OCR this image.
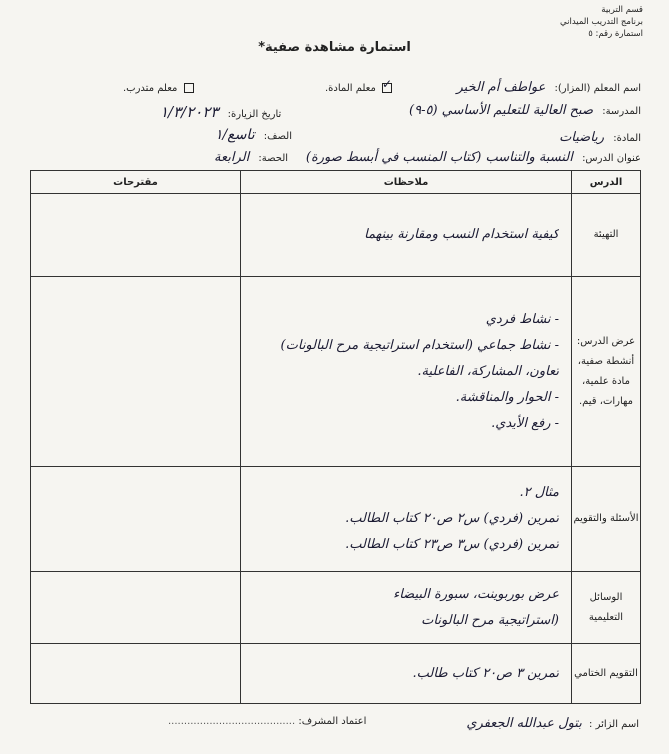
قسم التربية
برنامج التدريب الميداني
استمارة رقم: ٥
استمارة مشاهدة صفية*
اسم المعلم (المزار): عواطف أم الخير
✓ معلم المادة.
معلم متدرب.
المدرسة: صبح العالية للتعليم الأساسي (٥-٩)
تاريخ الزيارة: ١/٣/٢٠٢٣
المادة: رياضيات
الصف: تاسع/١
عنوان الدرس: النسبة والتناسب (كتاب المنسب في أبسط صورة)
الحصة: الرابعة
الدرس	ملاحظات	مقترحات
التهيئة	كيفية استخدام النسب ومقارنة بينهما	

عرض الدرس: أنشطة صفية، مادة علمية، مهارات، قيم.	- نشاط فردي
- نشاط جماعي (استخدام استراتيجية مرح البالونات)
تعاون، المشاركة، الفاعلية.
- الحوار والمناقشة.
- رفع الأيدي.	

الأسئلة والتقويم	مثال ٢.
تمرين (فردي) س٢ ص٢٠ كتاب الطالب.
تمرين (فردي) س٣ ص٢٣ كتاب الطالب.	

الوسائل التعليمية	عرض بوربوينت، سبورة البيضاء
(استراتيجية مرح البالونات	

التقويم الختامي	تمرين ٣ ص٢٠ كتاب طالب.	

اسم الزائر : بتول عبدالله الجعفري
اعتماد المشرف: ........................................
